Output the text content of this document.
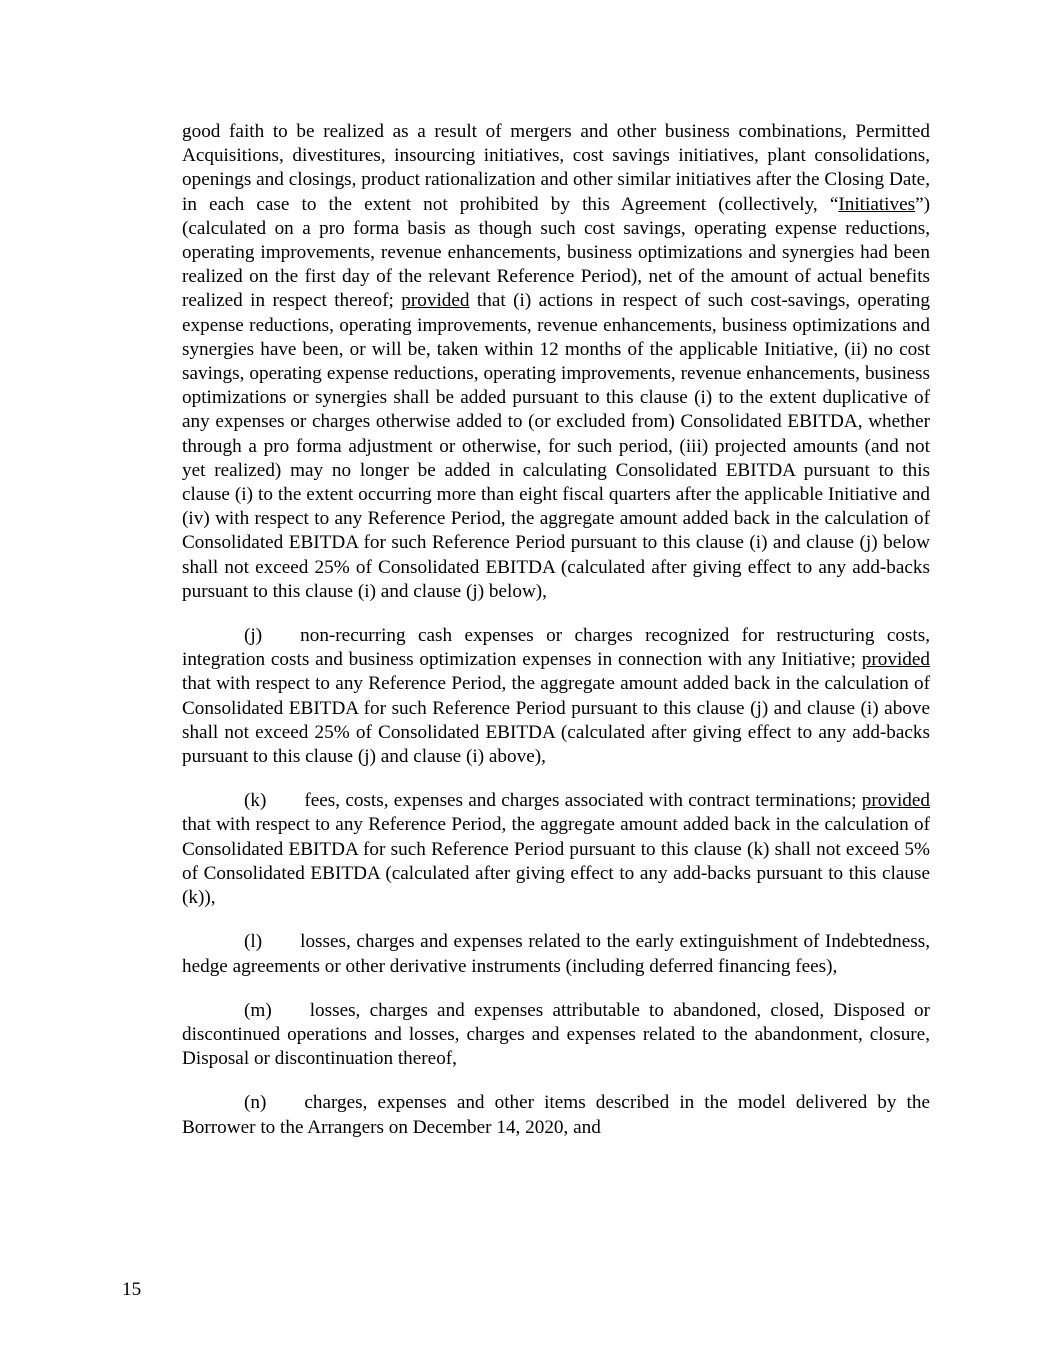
good faith to be realized as a result of mergers and other business combinations, Permitted Acquisitions, divestitures, insourcing initiatives, cost savings initiatives, plant consolidations, openings and closings, product rationalization and other similar initiatives after the Closing Date, in each case to the extent not prohibited by this Agreement (collectively, “Initiatives”) (calculated on a pro forma basis as though such cost savings, operating expense reductions, operating improvements, revenue enhancements, business optimizations and synergies had been realized on the first day of the relevant Reference Period), net of the amount of actual benefits realized in respect thereof; provided that (i) actions in respect of such cost-savings, operating expense reductions, operating improvements, revenue enhancements, business optimizations and synergies have been, or will be, taken within 12 months of the applicable Initiative, (ii) no cost savings, operating expense reductions, operating improvements, revenue enhancements, business optimizations or synergies shall be added pursuant to this clause (i) to the extent duplicative of any expenses or charges otherwise added to (or excluded from) Consolidated EBITDA, whether through a pro forma adjustment or otherwise, for such period, (iii) projected amounts (and not yet realized) may no longer be added in calculating Consolidated EBITDA pursuant to this clause (i) to the extent occurring more than eight fiscal quarters after the applicable Initiative and (iv) with respect to any Reference Period, the aggregate amount added back in the calculation of Consolidated EBITDA for such Reference Period pursuant to this clause (i) and clause (j) below shall not exceed 25% of Consolidated EBITDA (calculated after giving effect to any add-backs pursuant to this clause (i) and clause (j) below),

(j) non-recurring cash expenses or charges recognized for restructuring costs, integration costs and business optimization expenses in connection with any Initiative; provided that with respect to any Reference Period, the aggregate amount added back in the calculation of Consolidated EBITDA for such Reference Period pursuant to this clause (j) and clause (i) above shall not exceed 25% of Consolidated EBITDA (calculated after giving effect to any add-backs pursuant to this clause (j) and clause (i) above),

(k) fees, costs, expenses and charges associated with contract terminations; provided that with respect to any Reference Period, the aggregate amount added back in the calculation of Consolidated EBITDA for such Reference Period pursuant to this clause (k) shall not exceed 5% of Consolidated EBITDA (calculated after giving effect to any add-backs pursuant to this clause (k)),

(l) losses, charges and expenses related to the early extinguishment of Indebtedness, hedge agreements or other derivative instruments (including deferred financing fees),

(m) losses, charges and expenses attributable to abandoned, closed, Disposed or discontinued operations and losses, charges and expenses related to the abandonment, closure, Disposal or discontinuation thereof,

(n) charges, expenses and other items described in the model delivered by the Borrower to the Arrangers on December 14, 2020, and

15
